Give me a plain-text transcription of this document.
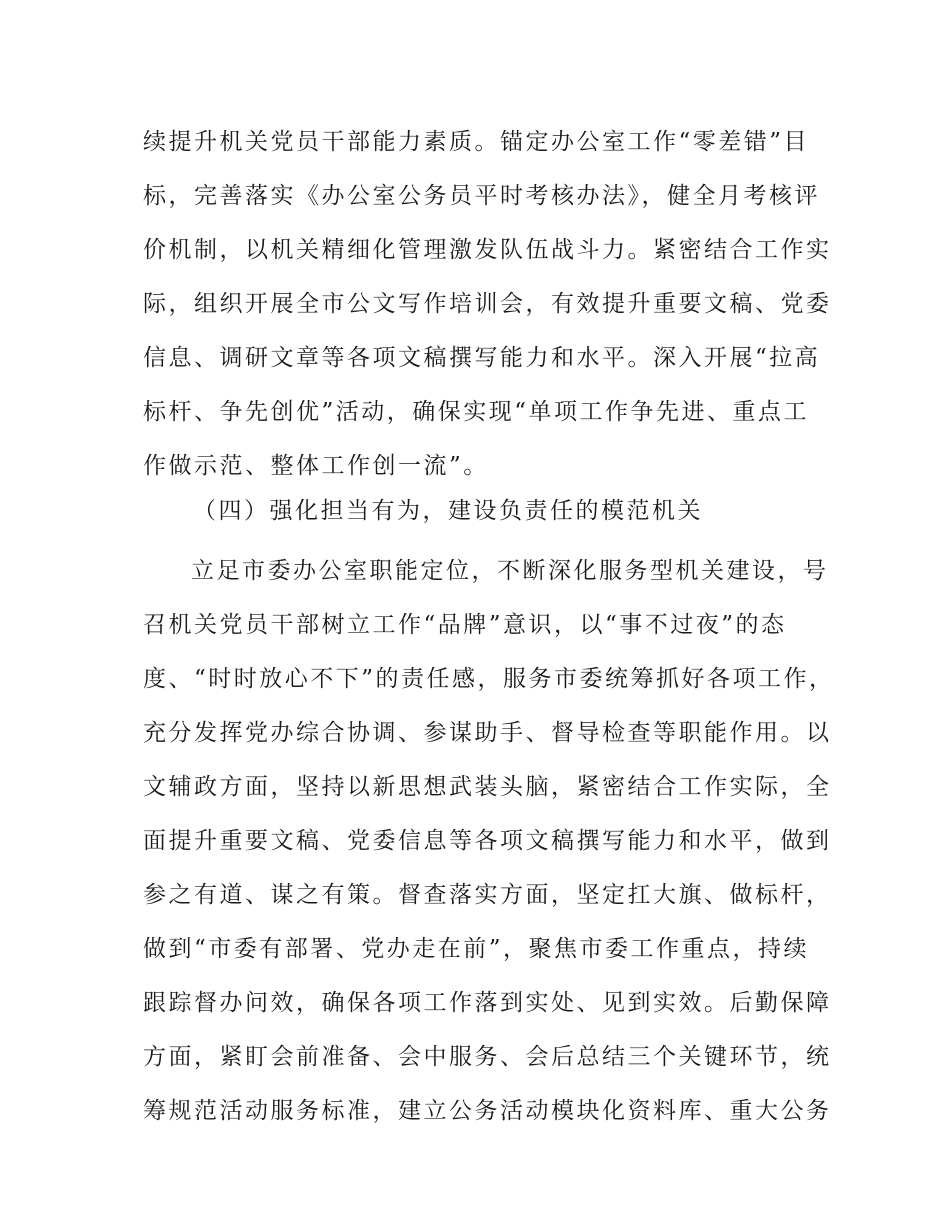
续提升机关党员干部能力素质。锚定办公室工作“零差错”目
标，完善落实《办公室公务员平时考核办法》，健全月考核评
价机制，以机关精细化管理激发队伍战斗力。紧密结合工作实
际，组织开展全市公文写作培训会，有效提升重要文稿、党委
信息、调研文章等各项文稿撰写能力和水平。深入开展“拉高
标杆、争先创优”活动，确保实现“单项工作争先进、重点工
作做示范、整体工作创一流”。
（四）强化担当有为，建设负责任的模范机关
立足市委办公室职能定位，不断深化服务型机关建设，号
召机关党员干部树立工作“品牌”意识，以“事不过夜”的态
度、“时时放心不下”的责任感，服务市委统筹抓好各项工作，
充分发挥党办综合协调、参谋助手、督导检查等职能作用。以
文辅政方面，坚持以新思想武装头脑，紧密结合工作实际，全
面提升重要文稿、党委信息等各项文稿撰写能力和水平，做到
参之有道、谋之有策。督查落实方面，坚定扛大旗、做标杆，
做到“市委有部署、党办走在前”，聚焦市委工作重点，持续
跟踪督办问效，确保各项工作落到实处、见到实效。后勤保障
方面，紧盯会前准备、会中服务、会后总结三个关键环节，统
筹规范活动服务标准，建立公务活动模块化资料库、重大公务
